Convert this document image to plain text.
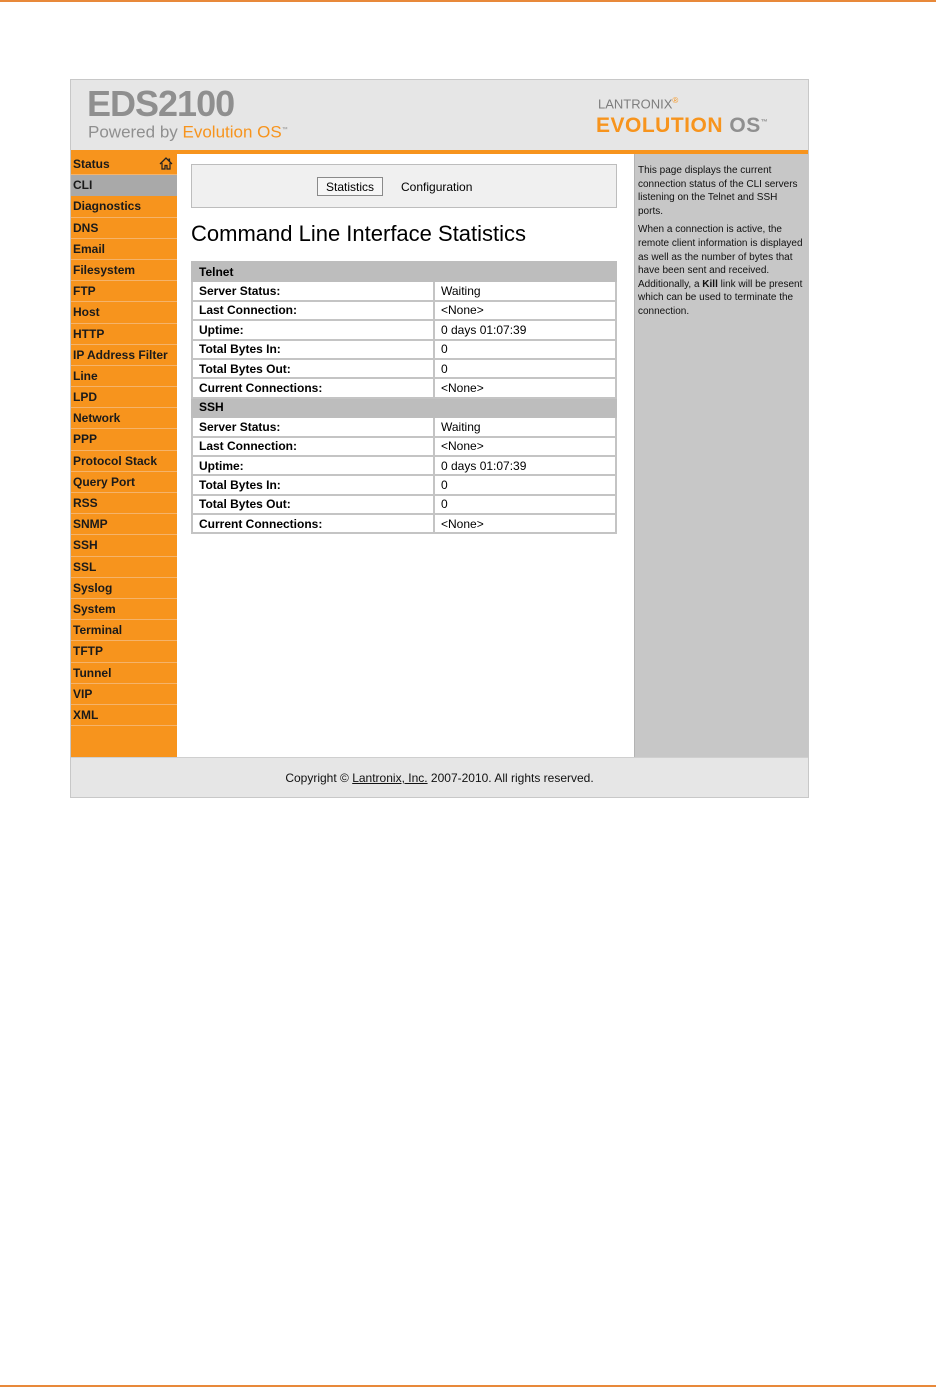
EDS2100
Powered by Evolution OS™
LANTRONIX®
EVOLUTION OS™
Status
CLI
Diagnostics
DNS
Email
Filesystem
FTP
Host
HTTP
IP Address Filter
Line
LPD
Network
PPP
Protocol Stack
Query Port
RSS
SNMP
SSH
SSL
Syslog
System
Terminal
TFTP
Tunnel
VIP
XML
Statistics	Configuration
Command Line Interface Statistics
Telnet	
Server Status:	Waiting
Last Connection:	<None>
Uptime:	0 days 01:07:39
Total Bytes In:	0
Total Bytes Out:	0
Current Connections:	<None>
SSH	
Server Status:	Waiting
Last Connection:	<None>
Uptime:	0 days 01:07:39
Total Bytes In:	0
Total Bytes Out:	0
Current Connections:	<None>

This page displays the current connection status of the CLI servers listening on the Telnet and SSH ports.

When a connection is active, the remote client information is displayed as well as the number of bytes that have been sent and received. Additionally, a Kill link will be present which can be used to terminate the connection.

Copyright © Lantronix, Inc. 2007-2010. All rights reserved.
